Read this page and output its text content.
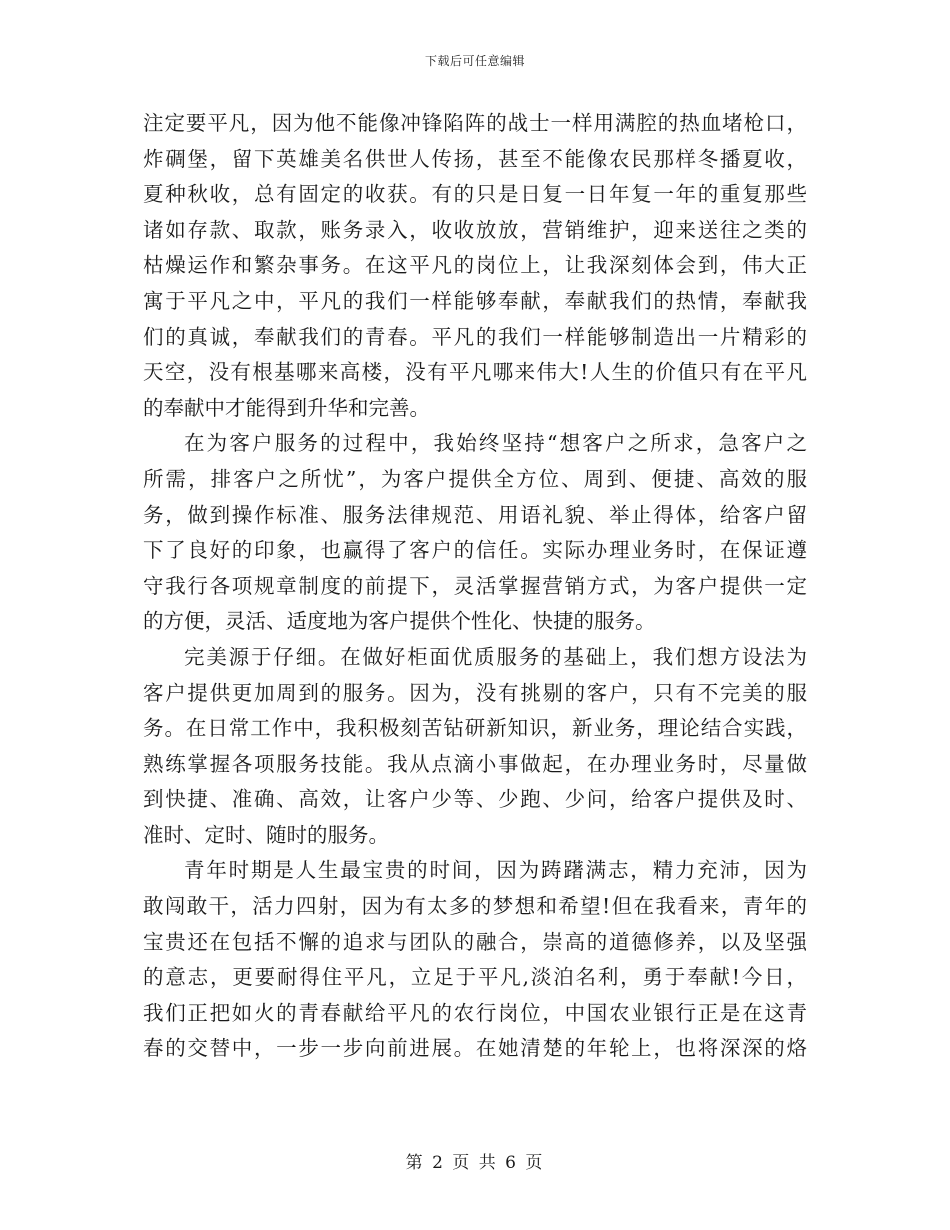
下载后可任意编辑
注定要平凡，因为他不能像冲锋陷阵的战士一样用满腔的热血堵枪口，
炸碉堡，留下英雄美名供世人传扬，甚至不能像农民那样冬播夏收，
夏种秋收，总有固定的收获。有的只是日复一日年复一年的重复那些
诸如存款、取款，账务录入，收收放放，营销维护，迎来送往之类的
枯燥运作和繁杂事务。在这平凡的岗位上，让我深刻体会到，伟大正
寓于平凡之中，平凡的我们一样能够奉献，奉献我们的热情，奉献我
们的真诚，奉献我们的青春。平凡的我们一样能够制造出一片精彩的
天空，没有根基哪来高楼，没有平凡哪来伟大!人生的价值只有在平凡
的奉献中才能得到升华和完善。
在为客户服务的过程中，我始终坚持“想客户之所求，急客户之
所需，排客户之所忧”，为客户提供全方位、周到、便捷、高效的服
务，做到操作标准、服务法律规范、用语礼貌、举止得体，给客户留
下了良好的印象，也赢得了客户的信任。实际办理业务时，在保证遵
守我行各项规章制度的前提下，灵活掌握营销方式，为客户提供一定
的方便，灵活、适度地为客户提供个性化、快捷的服务。
完美源于仔细。在做好柜面优质服务的基础上，我们想方设法为
客户提供更加周到的服务。因为，没有挑剔的客户，只有不完美的服
务。在日常工作中，我积极刻苦钻研新知识，新业务，理论结合实践，
熟练掌握各项服务技能。我从点滴小事做起，在办理业务时，尽量做
到快捷、准确、高效，让客户少等、少跑、少问，给客户提供及时、
准时、定时、随时的服务。
青年时期是人生最宝贵的时间，因为踌躇满志，精力充沛，因为
敢闯敢干，活力四射，因为有太多的梦想和希望!但在我看来，青年的
宝贵还在包括不懈的追求与团队的融合，崇高的道德修养，以及坚强
的意志，更要耐得住平凡，立足于平凡,淡泊名利，勇于奉献!今日，
我们正把如火的青春献给平凡的农行岗位，中国农业银行正是在这青
春的交替中，一步一步向前进展。在她清楚的年轮上，也将深深的烙
第 2 页 共 6 页
